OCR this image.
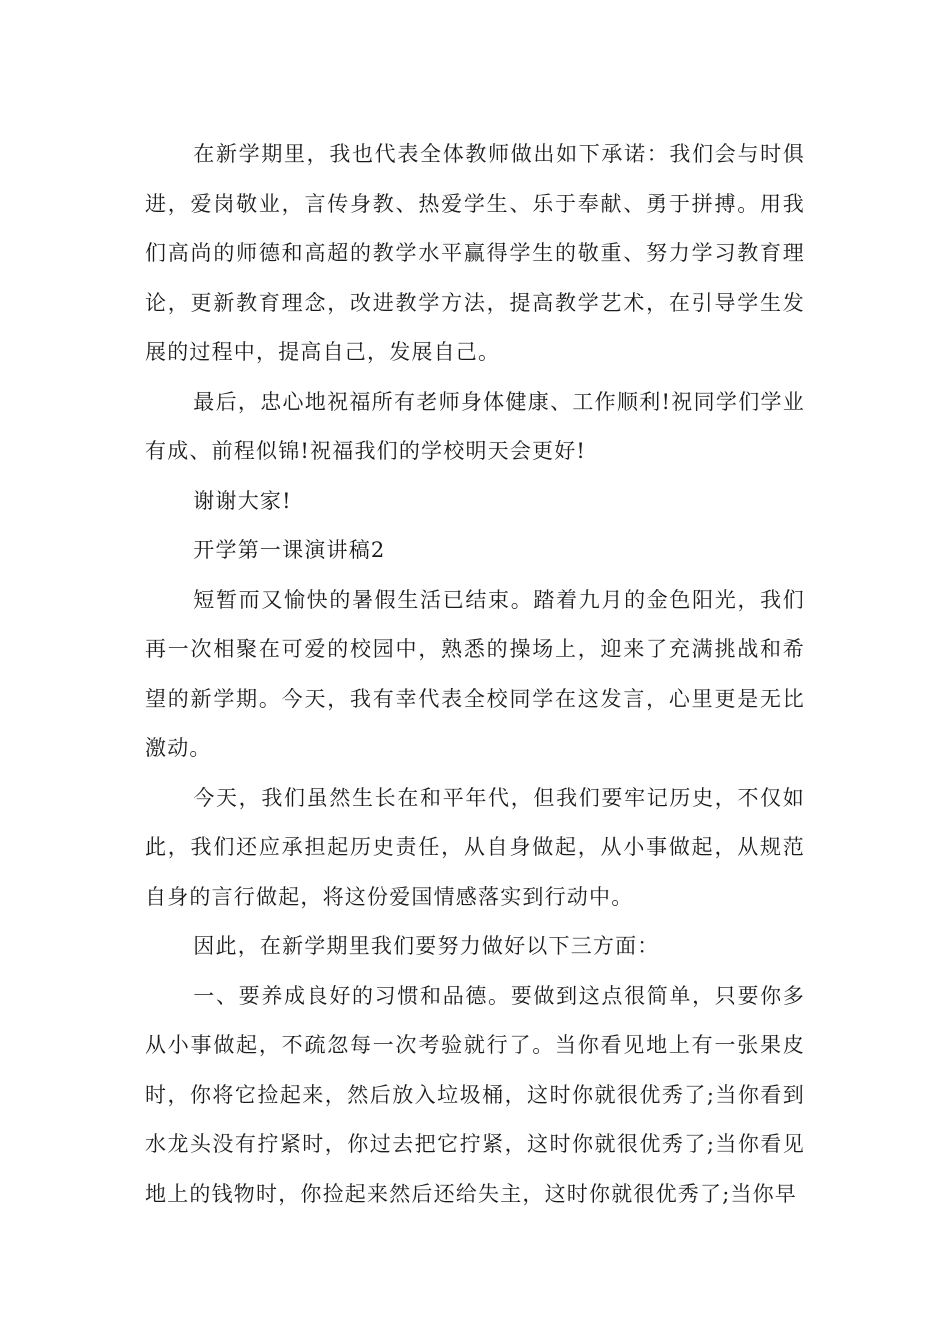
在新学期里，我也代表全体教师做出如下承诺：我们会与时俱进，爱岗敬业，言传身教、热爱学生、乐于奉献、勇于拼搏。用我们高尚的师德和高超的教学水平赢得学生的敬重、努力学习教育理论，更新教育理念，改进教学方法，提高教学艺术，在引导学生发展的过程中，提高自己，发展自己。

最后，忠心地祝福所有老师身体健康、工作顺利!祝同学们学业有成、前程似锦!祝福我们的学校明天会更好!

谢谢大家!

开学第一课演讲稿2

短暂而又愉快的暑假生活已结束。踏着九月的金色阳光，我们再一次相聚在可爱的校园中，熟悉的操场上，迎来了充满挑战和希望的新学期。今天，我有幸代表全校同学在这发言，心里更是无比激动。

今天，我们虽然生长在和平年代，但我们要牢记历史，不仅如此，我们还应承担起历史责任，从自身做起，从小事做起，从规范自身的言行做起，将这份爱国情感落实到行动中。

因此，在新学期里我们要努力做好以下三方面：

一、要养成良好的习惯和品德。要做到这点很简单，只要你多从小事做起，不疏忽每一次考验就行了。当你看见地上有一张果皮时，你将它捡起来，然后放入垃圾桶，这时你就很优秀了;当你看到水龙头没有拧紧时，你过去把它拧紧，这时你就很优秀了;当你看见地上的钱物时，你捡起来然后还给失主，这时你就很优秀了;当你早
